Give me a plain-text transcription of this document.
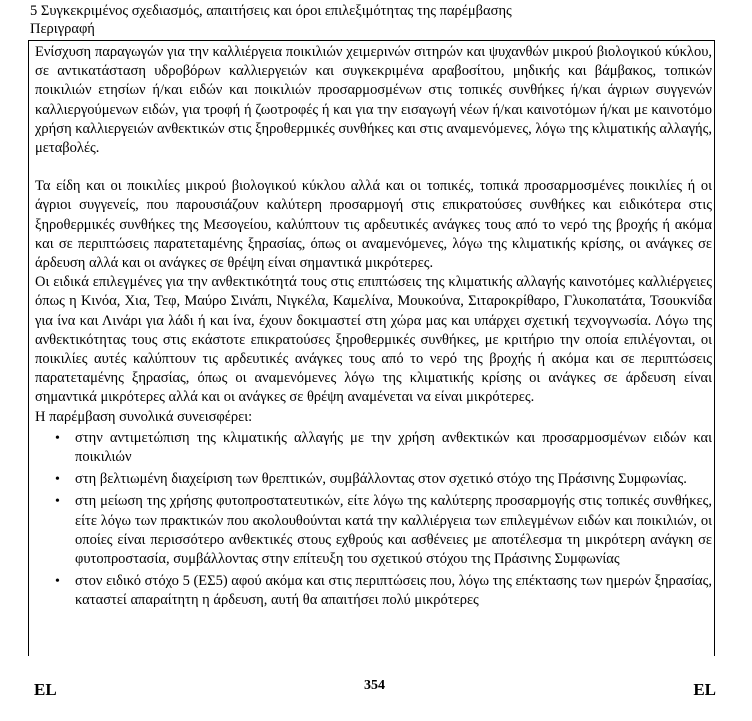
5 Συγκεκριμένος σχεδιασμός, απαιτήσεις και όροι επιλεξιμότητας της παρέμβασης
Περιγραφή

Ενίσχυση παραγωγών για την καλλιέργεια ποικιλιών χειμερινών σιτηρών και ψυχανθών μικρού βιολογικού κύκλου, σε αντικατάσταση υδροβόρων καλλιεργειών και συγκεκριμένα αραβοσίτου, μηδικής και βάμβακος, τοπικών ποικιλιών ετησίων ή/και ειδών και ποικιλιών προσαρμοσμένων στις τοπικές συνθήκες ή/και άγριων συγγενών καλλιεργούμενων ειδών, για τροφή ή ζωοτροφές ή και για την εισαγωγή νέων ή/και καινοτόμων ή/και με καινοτόμο χρήση καλλιεργειών ανθεκτικών στις ξηροθερμικές συνθήκες και στις αναμενόμενες, λόγω της κλιματικής αλλαγής, μεταβολές.

Τα είδη και οι ποικιλίες μικρού βιολογικού κύκλου αλλά και οι τοπικές, τοπικά προσαρμοσμένες ποικιλίες ή οι άγριοι συγγενείς, που παρουσιάζουν καλύτερη προσαρμογή στις επικρατούσες συνθήκες και ειδικότερα στις ξηροθερμικές συνθήκες της Μεσογείου, καλύπτουν τις αρδευτικές ανάγκες τους από το νερό της βροχής ή ακόμα και σε περιπτώσεις παρατεταμένης ξηρασίας, όπως οι αναμενόμενες, λόγω της κλιματικής κρίσης, οι ανάγκες σε άρδευση αλλά και οι ανάγκες σε θρέψη είναι σημαντικά μικρότερες.

Οι ειδικά επιλεγμένες για την ανθεκτικότητά τους στις επιπτώσεις της κλιματικής αλλαγής καινοτόμες καλλιέργειες όπως η Κινόα, Χια, Τεφ, Μαύρο Σινάπι, Νιγκέλα, Καμελίνα, Μουκούνα, Σιταροκρίθαρο, Γλυκοπατάτα, Τσουκνίδα για ίνα και Λινάρι για λάδι ή και ίνα, έχουν δοκιμαστεί στη χώρα μας και υπάρχει σχετική τεχνογνωσία. Λόγω της ανθεκτικότητας τους στις εκάστοτε επικρατούσες ξηροθερμικές συνθήκες, με κριτήριο την οποία επιλέγονται, οι ποικιλίες αυτές καλύπτουν τις αρδευτικές ανάγκες τους από το νερό της βροχής ή ακόμα και σε περιπτώσεις παρατεταμένης ξηρασίας, όπως οι αναμενόμενες λόγω της κλιματικής κρίσης οι ανάγκες σε άρδευση είναι σημαντικά μικρότερες αλλά και οι ανάγκες σε θρέψη αναμένεται να είναι μικρότερες.

Η παρέμβαση συνολικά συνεισφέρει:

• στην αντιμετώπιση της κλιματικής αλλαγής με την χρήση ανθεκτικών και προσαρμοσμένων ειδών και ποικιλιών
• στη βελτιωμένη διαχείριση των θρεπτικών, συμβάλλοντας στον σχετικό στόχο της Πράσινης Συμφωνίας.
• στη μείωση της χρήσης φυτοπροστατευτικών, είτε λόγω της καλύτερης προσαρμογής στις τοπικές συνθήκες, είτε λόγω των πρακτικών που ακολουθούνται κατά την καλλιέργεια των επιλεγμένων ειδών και ποικιλιών, οι οποίες είναι περισσότερο ανθεκτικές στους εχθρούς και ασθένειες με αποτέλεσμα τη μικρότερη ανάγκη σε φυτοπροστασία, συμβάλλοντας στην επίτευξη του σχετικού στόχου της Πράσινης Συμφωνίας
• στον ειδικό στόχο 5 (ΕΣ5) αφού ακόμα και στις περιπτώσεις που, λόγω της επέκτασης των ημερών ξηρασίας, καταστεί απαραίτητη η άρδευση, αυτή θα απαιτήσει πολύ μικρότερες
EL	354	EL
